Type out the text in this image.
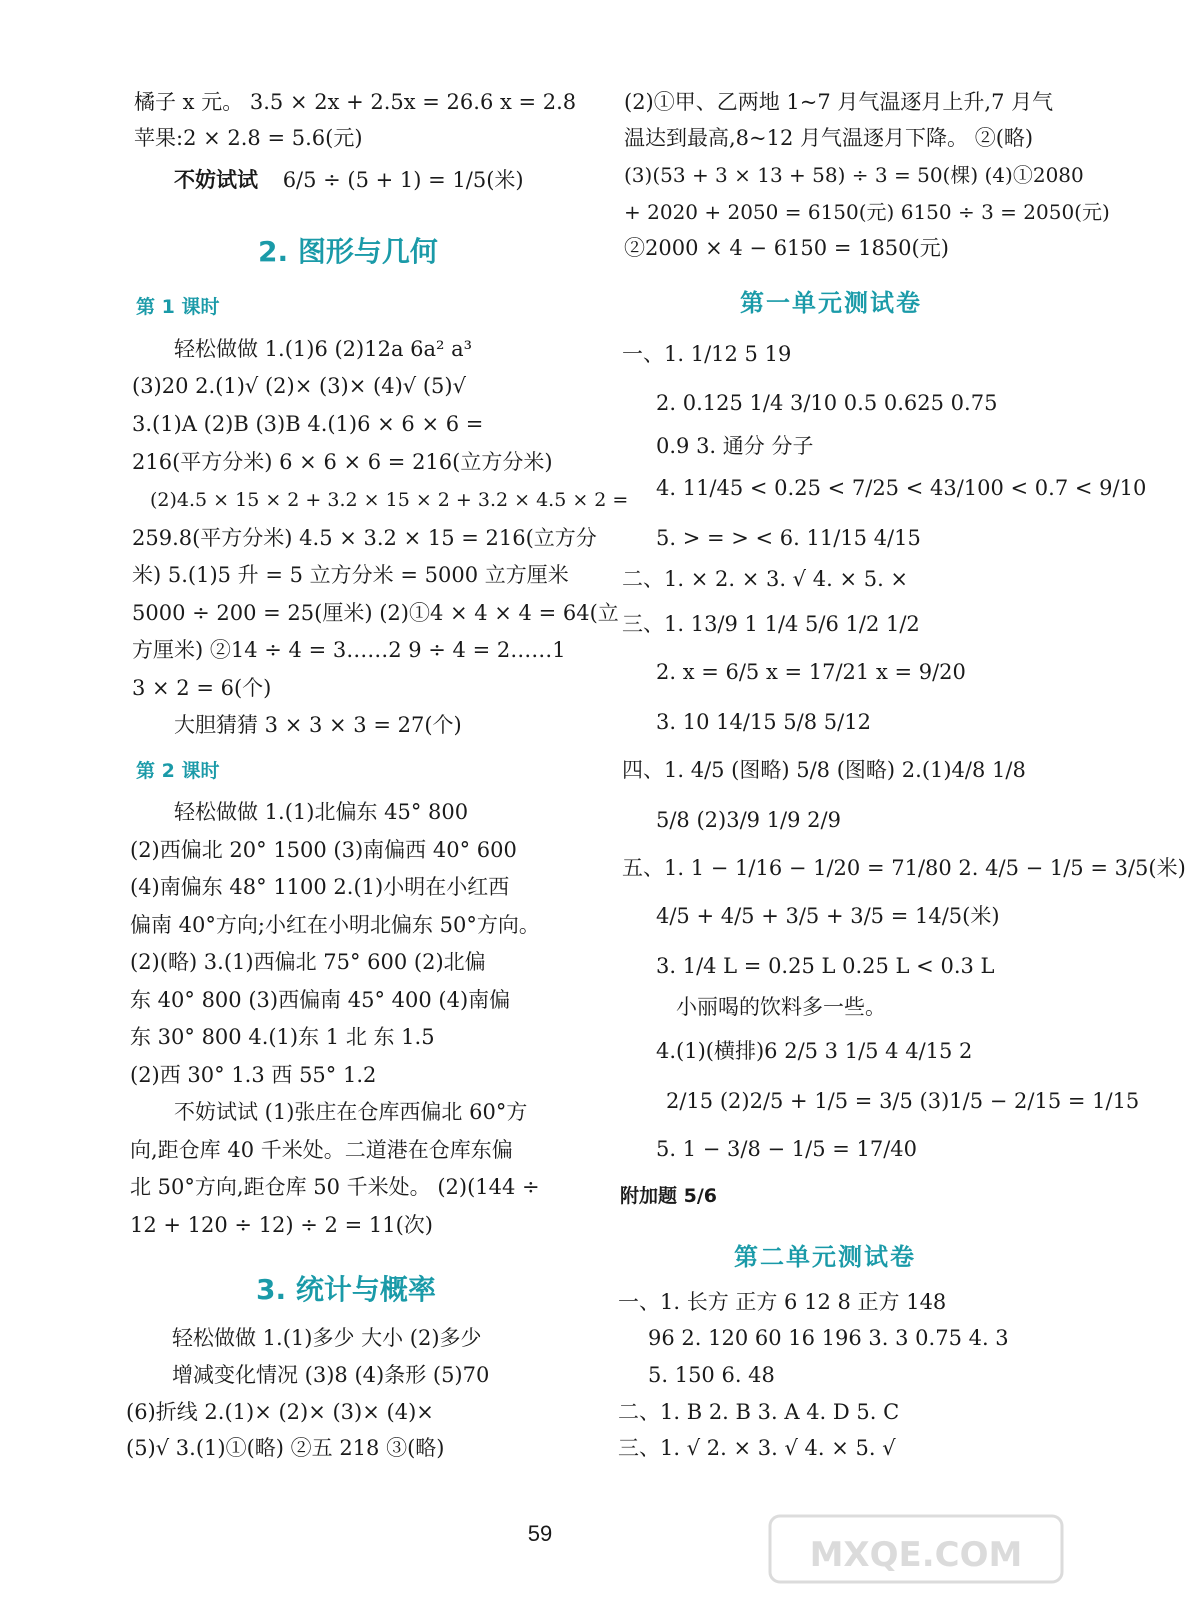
橘子 x 元。 3.5 × 2x + 2.5x = 26.6 x = 2.8
苹果:2 × 2.8 = 5.6(元)
不妨试试 6/5 ÷ (5 + 1) = 1/5(米)
2. 图形与几何
第 1 课时
轻松做做 1.(1)6 (2)12a 6a² a³
(3)20 2.(1)√ (2)× (3)× (4)√ (5)√
3.(1)A (2)B (3)B 4.(1)6 × 6 × 6 =
216(平方分米) 6 × 6 × 6 = 216(立方分米)
(2)4.5 × 15 × 2 + 3.2 × 15 × 2 + 3.2 × 4.5 × 2 =
259.8(平方分米) 4.5 × 3.2 × 15 = 216(立方分
米) 5.(1)5 升 = 5 立方分米 = 5000 立方厘米
5000 ÷ 200 = 25(厘米) (2)①4 × 4 × 4 = 64(立
方厘米) ②14 ÷ 4 = 3……2 9 ÷ 4 = 2……1
3 × 2 = 6(个)
大胆猜猜 3 × 3 × 3 = 27(个)
第 2 课时
轻松做做 1.(1)北偏东 45° 800
(2)西偏北 20° 1500 (3)南偏西 40° 600
(4)南偏东 48° 1100 2.(1)小明在小红西
偏南 40°方向;小红在小明北偏东 50°方向。
(2)(略) 3.(1)西偏北 75° 600 (2)北偏
东 40° 800 (3)西偏南 45° 400 (4)南偏
东 30° 800 4.(1)东 1 北 东 1.5
(2)西 30° 1.3 西 55° 1.2
不妨试试 (1)张庄在仓库西偏北 60°方
向,距仓库 40 千米处。二道港在仓库东偏
北 50°方向,距仓库 50 千米处。 (2)(144 ÷
12 + 120 ÷ 12) ÷ 2 = 11(次)
3. 统计与概率
轻松做做 1.(1)多少 大小 (2)多少
增减变化情况 (3)8 (4)条形 (5)70
(6)折线 2.(1)× (2)× (3)× (4)×
(5)√ 3.(1)①(略) ②五 218 ③(略)
(2)①甲、乙两地 1~7 月气温逐月上升,7 月气
温达到最高,8~12 月气温逐月下降。 ②(略)
(3)(53 + 3 × 13 + 58) ÷ 3 = 50(棵) (4)①2080
+ 2020 + 2050 = 6150(元) 6150 ÷ 3 = 2050(元)
②2000 × 4 − 6150 = 1850(元)
第一单元测试卷
一、1. 1/12 5 19
2. 0.125 1/4 3/10 0.5 0.625 0.75
0.9 3. 通分 分子
4. 11/45 < 0.25 < 7/25 < 43/100 < 0.7 < 9/10
5. > = > < 6. 11/15 4/15
二、1. × 2. × 3. √ 4. × 5. ×
三、1. 13/9 1 1/4 5/6 1/2 1/2
2. x = 6/5 x = 17/21 x = 9/20
3. 10 14/15 5/8 5/12
四、1. 4/5 (图略) 5/8 (图略) 2.(1)4/8 1/8
5/8 (2)3/9 1/9 2/9
五、1. 1 − 1/16 − 1/20 = 71/80 2. 4/5 − 1/5 = 3/5(米)
4/5 + 4/5 + 3/5 + 3/5 = 14/5(米)
3. 1/4 L = 0.25 L 0.25 L < 0.3 L
小丽喝的饮料多一些。
4.(1)(横排)6 2/5 3 1/5 4 4/15 2
2/15 (2)2/5 + 1/5 = 3/5 (3)1/5 − 2/15 = 1/15
5. 1 − 3/8 − 1/5 = 17/40
附加题 5/6
第二单元测试卷
一、1. 长方 正方 6 12 8 正方 148
96 2. 120 60 16 196 3. 3 0.75 4. 3
5. 150 6. 48
二、1. B 2. B 3. A 4. D 5. C
三、1. √ 2. × 3. √ 4. × 5. √
59
MXQE.COM
